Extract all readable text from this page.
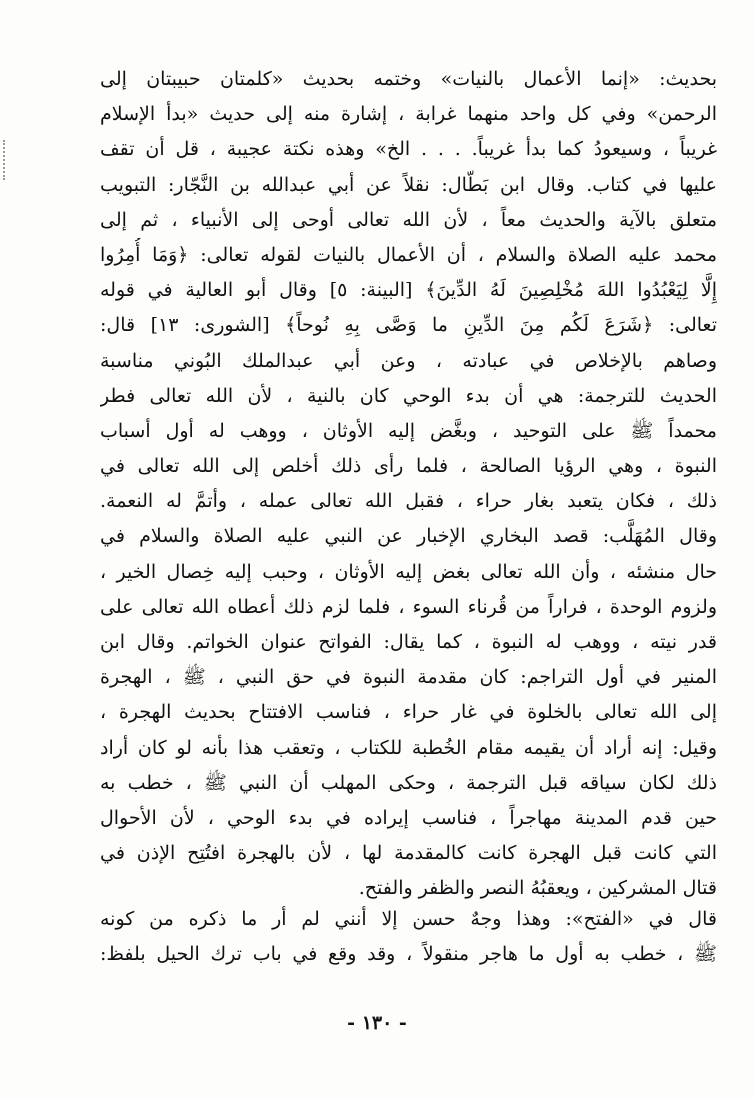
بحديث: «إنما الأعمال بالنيات» وختمه بحديث «كلمتان حبيبتان إلى
الرحمن» وفي كل واحد منهما غرابة ، إشارة منه إلى حديث «بدأ الإسلام
غريباً ، وسيعودُ كما بدأ غريباً. . . . الخ» وهذه نكتة عجيبة ، قل أن تقف
عليها في كتاب. وقال ابن بَطّال: نقلاً عن أبي عبدالله بن النَّجّار: التبويب
متعلق بالآية والحديث معاً ، لأن الله تعالى أوحى إلى الأنبياء ، ثم إلى
محمد عليه الصلاة والسلام ، أن الأعمال بالنيات لقوله تعالى: ﴿وَمَا أُمِرُوا
إِلَّا لِيَعْبُدُوا اللهَ مُخْلِصِينَ لَهُ الدِّينَ﴾ [البينة: ٥] وقال أبو العالية في قوله
تعالى: ﴿شَرَعَ لَكُم مِنَ الدِّينِ ما وَصَّى بِهِ نُوحاً﴾ [الشورى: ١٣] قال:
وصاهم بالإخلاص في عبادته ، وعن أبي عبدالملك البُوني مناسبة
الحديث للترجمة: هي أن بدء الوحي كان بالنية ، لأن الله تعالى فطر
محمداً ﷺ على التوحيد ، وبغَّض إليه الأوثان ، ووهب له أول أسباب
النبوة ، وهي الرؤيا الصالحة ، فلما رأى ذلك أخلص إلى الله تعالى في
ذلك ، فكان يتعبد بغار حراء ، فقبل الله تعالى عمله ، وأتمَّ له النعمة.
وقال المُهَلَّب: قصد البخاري الإخبار عن النبي عليه الصلاة والسلام في
حال منشئه ، وأن الله تعالى بغض إليه الأوثان ، وحبب إليه خِصال الخير ،
ولزوم الوحدة ، فراراً من قُرناء السوء ، فلما لزم ذلك أعطاه الله تعالى على
قدر نيته ، ووهب له النبوة ، كما يقال: الفواتح عنوان الخواتم. وقال ابن
المنير في أول التراجم: كان مقدمة النبوة في حق النبي ، ﷺ ، الهجرة
إلى الله تعالى بالخلوة في غار حراء ، فناسب الافتتاح بحديث الهجرة ،
وقيل: إنه أراد أن يقيمه مقام الخُطبة للكتاب ، وتعقب هذا بأنه لو كان أراد
ذلك لكان سياقه قبل الترجمة ، وحكى المهلب أن النبي ﷺ ، خطب به
حين قدم المدينة مهاجراً ، فناسب إيراده في بدء الوحي ، لأن الأحوال
التي كانت قبل الهجرة كانت كالمقدمة لها ، لأن بالهجرة افتُتِح الإذن في
قتال المشركين ، ويعقبُهُ النصر والظفر والفتح.
قال في «الفتح»: وهذا وجهٌ حسن إلا أنني لم أر ما ذكره من كونه
ﷺ ، خطب به أول ما هاجر منقولاً ، وقد وقع في باب ترك الحيل بلفظ:
- ١٣٠ -
